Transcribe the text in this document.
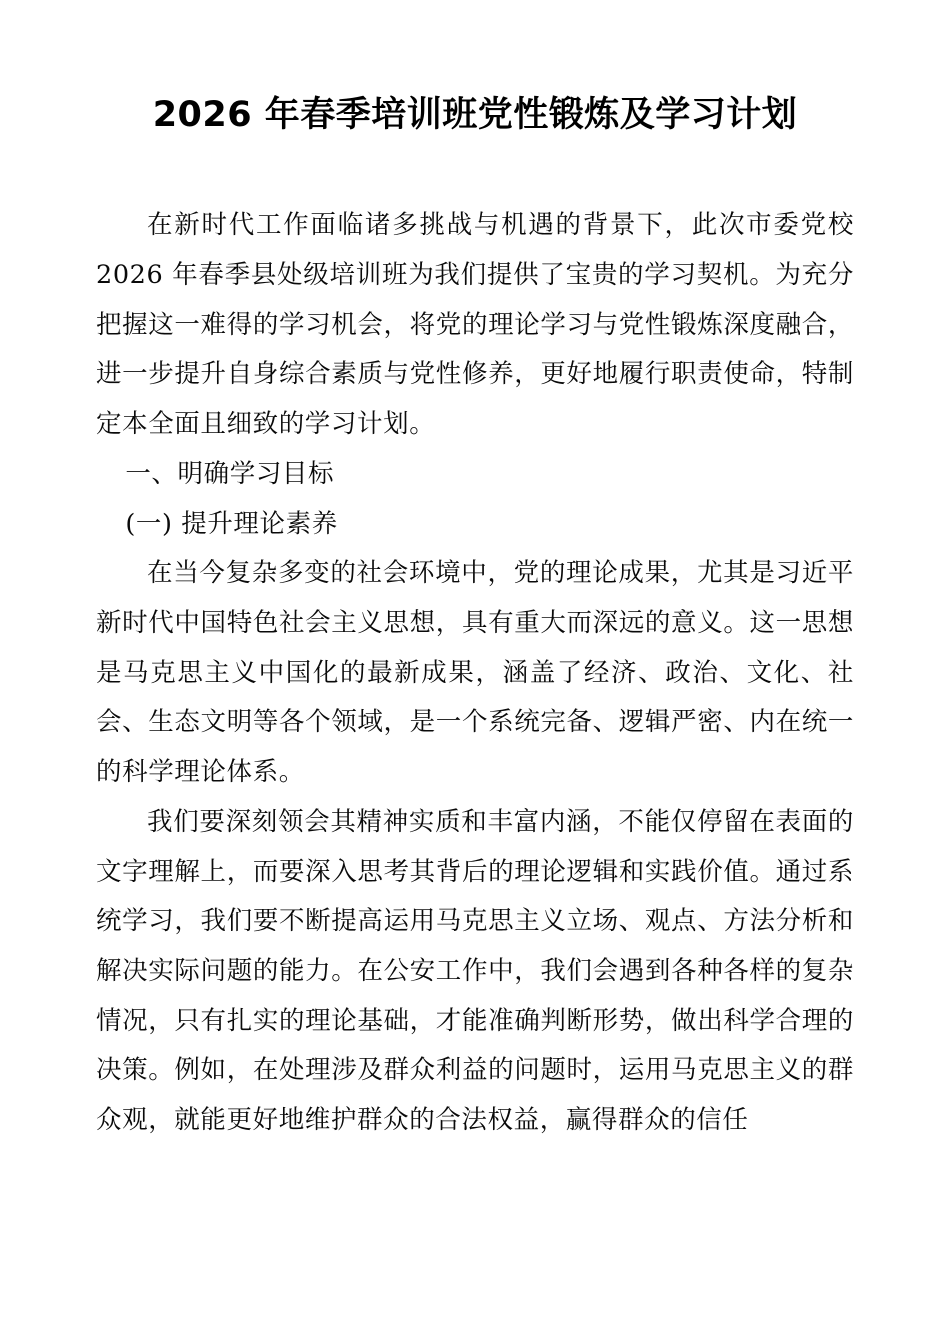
2026 年春季培训班党性锻炼及学习计划

在新时代工作面临诸多挑战与机遇的背景下，此次市委党校 2026 年春季县处级培训班为我们提供了宝贵的学习契机。为充分把握这一难得的学习机会，将党的理论学习与党性锻炼深度融合，进一步提升自身综合素质与党性修养，更好地履行职责使命，特制定本全面且细致的学习计划。

一、明确学习目标

(一) 提升理论素养

在当今复杂多变的社会环境中，党的理论成果，尤其是习近平新时代中国特色社会主义思想，具有重大而深远的意义。这一思想是马克思主义中国化的最新成果，涵盖了经济、政治、文化、社会、生态文明等各个领域，是一个系统完备、逻辑严密、内在统一的科学理论体系。

我们要深刻领会其精神实质和丰富内涵，不能仅停留在表面的文字理解上，而要深入思考其背后的理论逻辑和实践价值。通过系统学习，我们要不断提高运用马克思主义立场、观点、方法分析和解决实际问题的能力。在公安工作中，我们会遇到各种各样的复杂情况，只有扎实的理论基础，才能准确判断形势，做出科学合理的决策。例如，在处理涉及群众利益的问题时，运用马克思主义的群众观，就能更好地维护群众的合法权益，赢得群众的信任
